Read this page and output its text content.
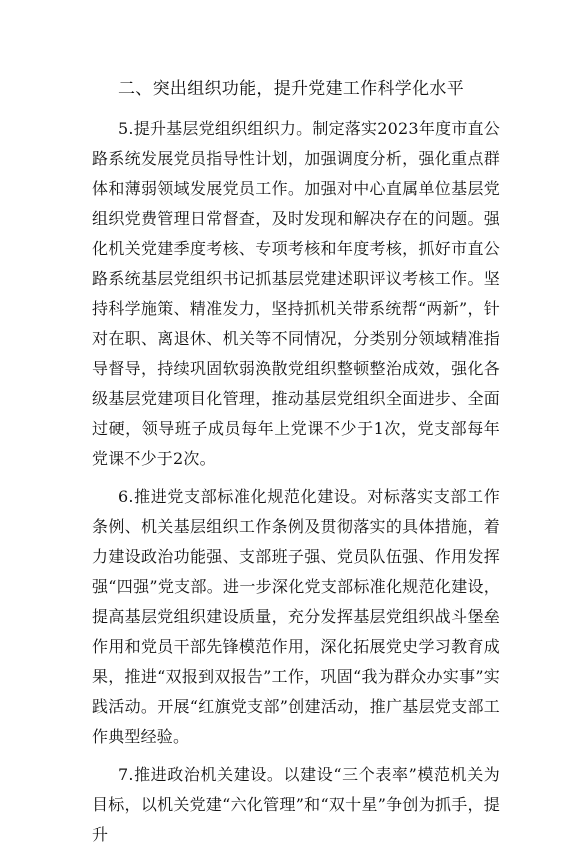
二、突出组织功能，提升党建工作科学化水平

5.提升基层党组织组织力。制定落实2023年度市直公路系统发展党员指导性计划，加强调度分析，强化重点群体和薄弱领域发展党员工作。加强对中心直属单位基层党组织党费管理日常督查，及时发现和解决存在的问题。强化机关党建季度考核、专项考核和年度考核，抓好市直公路系统基层党组织书记抓基层党建述职评议考核工作。坚持科学施策、精准发力，坚持抓机关带系统帮“两新”，针对在职、离退休、机关等不同情况，分类别分领域精准指导督导，持续巩固软弱涣散党组织整顿整治成效，强化各级基层党建项目化管理，推动基层党组织全面进步、全面过硬，领导班子成员每年上党课不少于1次，党支部每年党课不少于2次。

6.推进党支部标准化规范化建设。对标落实支部工作条例、机关基层组织工作条例及贯彻落实的具体措施，着力建设政治功能强、支部班子强、党员队伍强、作用发挥强“四强”党支部。进一步深化党支部标准化规范化建设，提高基层党组织建设质量，充分发挥基层党组织战斗堡垒作用和党员干部先锋模范作用，深化拓展党史学习教育成果，推进“双报到双报告”工作，巩固“我为群众办实事”实践活动。开展“红旗党支部”创建活动，推广基层党支部工作典型经验。

7.推进政治机关建设。以建设“三个表率”模范机关为目标，以机关党建“六化管理”和“双十星”争创为抓手，提升
